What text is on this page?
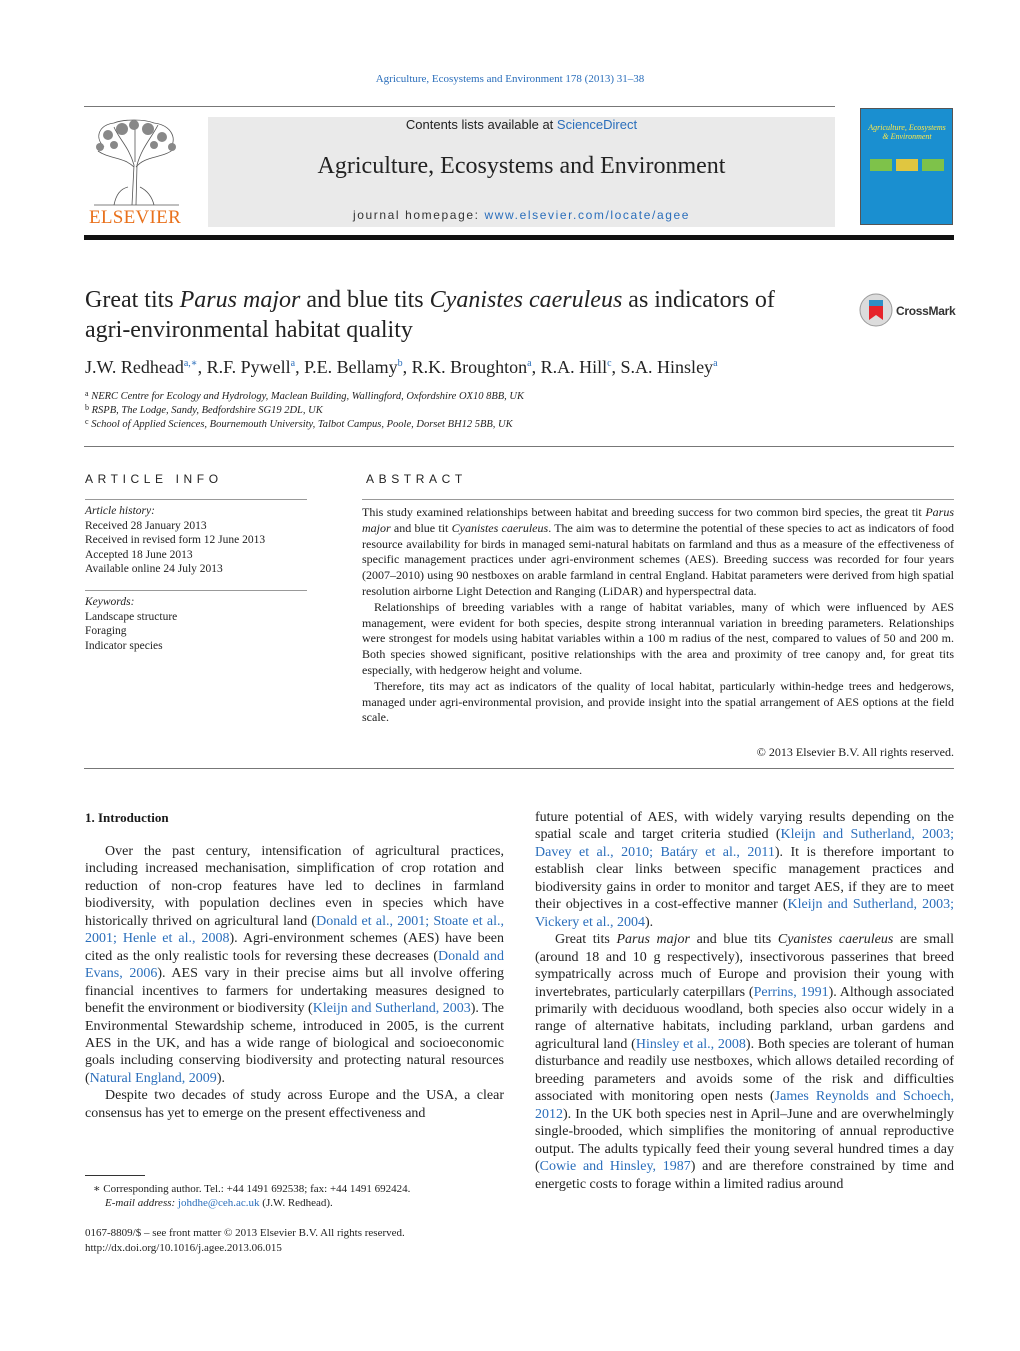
Agriculture, Ecosystems and Environment 178 (2013) 31–38
ELSEVIER
Contents lists available at ScienceDirect
Agriculture, Ecosystems and Environment
journal homepage: www.elsevier.com/locate/agee
Agriculture, Ecosystems & Environment
Great tits Parus major and blue tits Cyanistes caeruleus as indicators of
agri-environmental habitat quality
CrossMark
J.W. Redhead$^{a,∗}$, R.F. Pywell$^a$, P.E. Bellamy$^b$, R.K. Broughton$^a$, R.A. Hill$^c$, S.A. Hinsley$^a$
$^a$ NERC Centre for Ecology and Hydrology, Maclean Building, Wallingford, Oxfordshire OX10 8BB, UK
$^b$ RSPB, The Lodge, Sandy, Bedfordshire SG19 2DL, UK
$^c$ School of Applied Sciences, Bournemouth University, Talbot Campus, Poole, Dorset BH12 5BB, UK
ARTICLE INFO
Article history:
Received 28 January 2013
Received in revised form 12 June 2013
Accepted 18 June 2013
Available online 24 July 2013
Keywords:
Landscape structure
Foraging
Indicator species
ABSTRACT

This study examined relationships between habitat and breeding success for two common bird species, the great tit Parus major and blue tit Cyanistes caeruleus. The aim was to determine the potential of these species to act as indicators of food resource availability for birds in managed semi-natural habitats on farmland and thus as a measure of the effectiveness of specific management practices under agri-environment schemes (AES). Breeding success was recorded for four years (2007–2010) using 90 nestboxes on arable farmland in central England. Habitat parameters were derived from high spatial resolution airborne Light Detection and Ranging (LiDAR) and hyperspectral data.

Relationships of breeding variables with a range of habitat variables, many of which were influenced by AES management, were evident for both species, despite strong interannual variation in breeding parameters. Relationships were strongest for models using habitat variables within a 100 m radius of the nest, compared to values of 50 and 200 m. Both species showed significant, positive relationships with the area and proximity of tree canopy and, for great tits especially, with hedgerow height and volume.

Therefore, tits may act as indicators of the quality of local habitat, particularly within-hedge trees and hedgerows, managed under agri-environmental provision, and provide insight into the spatial arrangement of AES options at the field scale.

© 2013 Elsevier B.V. All rights reserved.
1. Introduction

Over the past century, intensification of agricultural practices, including increased mechanisation, simplification of crop rotation and reduction of non-crop features have led to declines in farmland biodiversity, with population declines even in species which have historically thrived on agricultural land (Donald et al., 2001; Stoate et al., 2001; Henle et al., 2008). Agri-environment schemes (AES) have been cited as the only realistic tools for reversing these decreases (Donald and Evans, 2006). AES vary in their precise aims but all involve offering financial incentives to farmers for undertaking measures designed to benefit the environment or biodiversity (Kleijn and Sutherland, 2003). The Environmental Stewardship scheme, introduced in 2005, is the current AES in the UK, and has a wide range of biological and socioeconomic goals including conserving biodiversity and protecting natural resources (Natural England, 2009).

Despite two decades of study across Europe and the USA, a clear consensus has yet to emerge on the present effectiveness and

future potential of AES, with widely varying results depending on the spatial scale and target criteria studied (Kleijn and Sutherland, 2003; Davey et al., 2010; Batáry et al., 2011). It is therefore important to establish clear links between specific management practices and biodiversity gains in order to monitor and target AES, if they are to meet their objectives in a cost-effective manner (Kleijn and Sutherland, 2003; Vickery et al., 2004).

Great tits Parus major and blue tits Cyanistes caeruleus are small (around 18 and 10 g respectively), insectivorous passerines that breed sympatrically across much of Europe and provision their young with invertebrates, particularly caterpillars (Perrins, 1991). Although associated primarily with deciduous woodland, both species also occur widely in a range of alternative habitats, including parkland, urban gardens and agricultural land (Hinsley et al., 2008). Both species are tolerant of human disturbance and readily use nestboxes, which allows detailed recording of breeding parameters and avoids some of the risk and difficulties associated with monitoring open nests (James Reynolds and Schoech, 2012). In the UK both species nest in April–June and are overwhelmingly single-brooded, which simplifies the monitoring of annual reproductive output. The adults typically feed their young several hundred times a day (Cowie and Hinsley, 1987) and are therefore constrained by time and energetic costs to forage within a limited radius around

∗ Corresponding author. Tel.: +44 1491 692538; fax: +44 1491 692424.
E-mail address: johdhe@ceh.ac.uk (J.W. Redhead).
0167-8809/$ – see front matter © 2013 Elsevier B.V. All rights reserved.
http://dx.doi.org/10.1016/j.agee.2013.06.015
